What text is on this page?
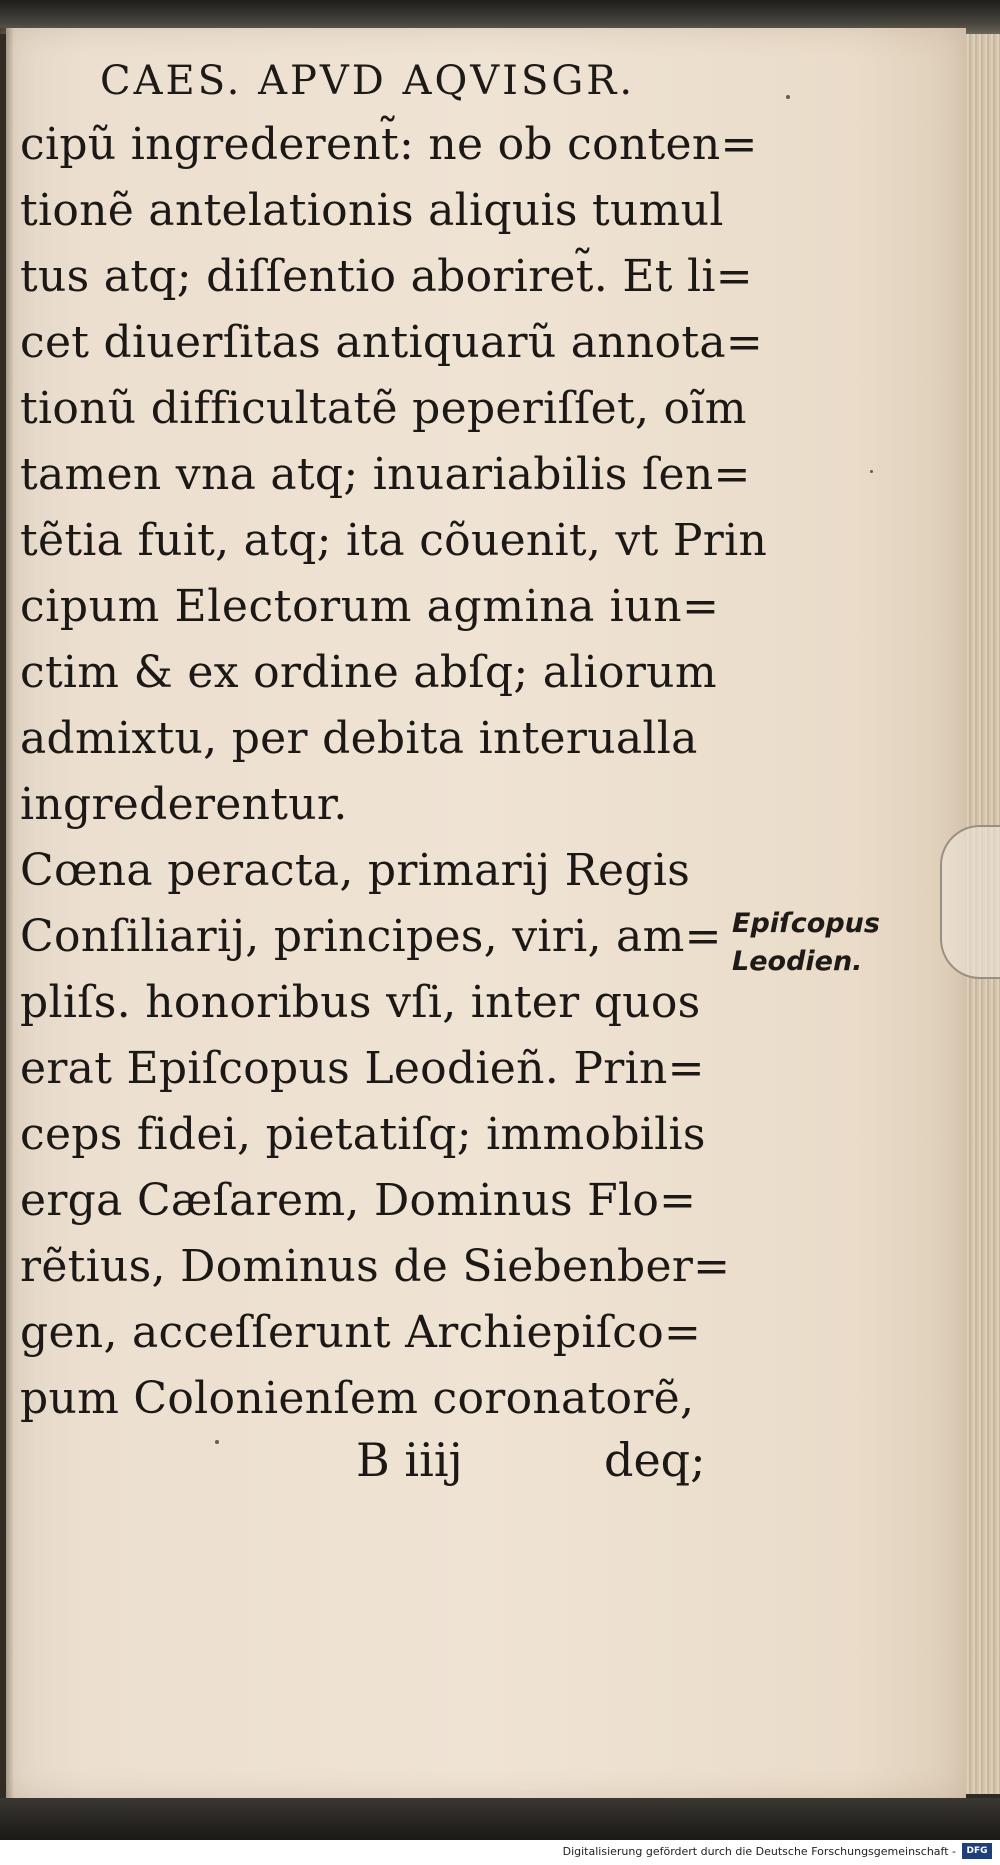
CAES. APVD AQVISGR.
cipũ ingrederent̃: ne ob conten=
tionẽ antelationis aliquis tumul
tus atq; diſſentio aboriret̃. Et li=
cet diuerſitas antiquarũ annota=
tionũ difficultatẽ peperiſſet, oĩm
tamen vna atq; inuariabilis ſen=
tẽtia fuit, atq; ita cõuenit, vt Prin
cipum Electorum agmina iun=
ctim & ex ordine abſq; aliorum
admixtu, per debita interualla
ingrederentur.
Cœna peracta, primarij Regis
Conſiliarij, principes, viri, am=
pliſs. honoribus vſi, inter quos
erat Epiſcopus Leodieñ. Prin=
ceps fidei, pietatiſq; immobilis
erga Cæſarem, Dominus Flo=
rẽtius, Dominus de Siebenber=
gen, acceſſerunt Archiepiſco=
pum Colonienſem coronatorẽ,
B iiij	deq;
Epiſcopus
Leodien.
Digitalisierung gefördert durch die Deutsche Forschungsgemeinschaft -	DFG
